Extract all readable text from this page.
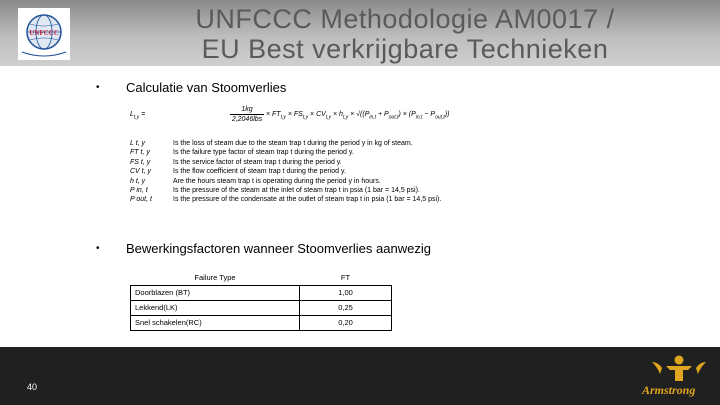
UNFCCC	UNFCCC Methodologie AM0017 /
EU Best verkrijgbare Technieken
• Calculatie van Stoomverlies
$L_{t,y}$ =
1kg
2,2046lbs
× $FT_{t,y} \times FS_{t,y} \times CV_{t,y} \times h_{t,y} \times √((P_{in,t} + P_{out,t}) \times (P_{in,t} - P_{out,t}))$
L t, y	Is the loss of steam due to the steam trap t during the period y in kg of steam.
FT t, y	Is the failure type factor of steam trap t during the period y.
FS t, y	Is the service factor of steam trap t during the period y.
CV t, y	Is the flow coefficient of steam trap t during the period y.
h t, y	Are the hours steam trap t is operating during the period y in hours.
P in, t	Is the pressure of the steam at the inlet of steam trap t in psia (1 bar = 14,5 psi).
P out, t	Is the pressure of the condensate at the outlet of steam trap t in psia (1 bar = 14,5 psi).
• Bewerkingsfactoren wanneer Stoomverlies aanwezig
Failure Type	FT
Doorblazen (BT)	1,00
Lekkend(LK)	0,25
Snel schakelen(RC)	0,20
40	Armstrong
